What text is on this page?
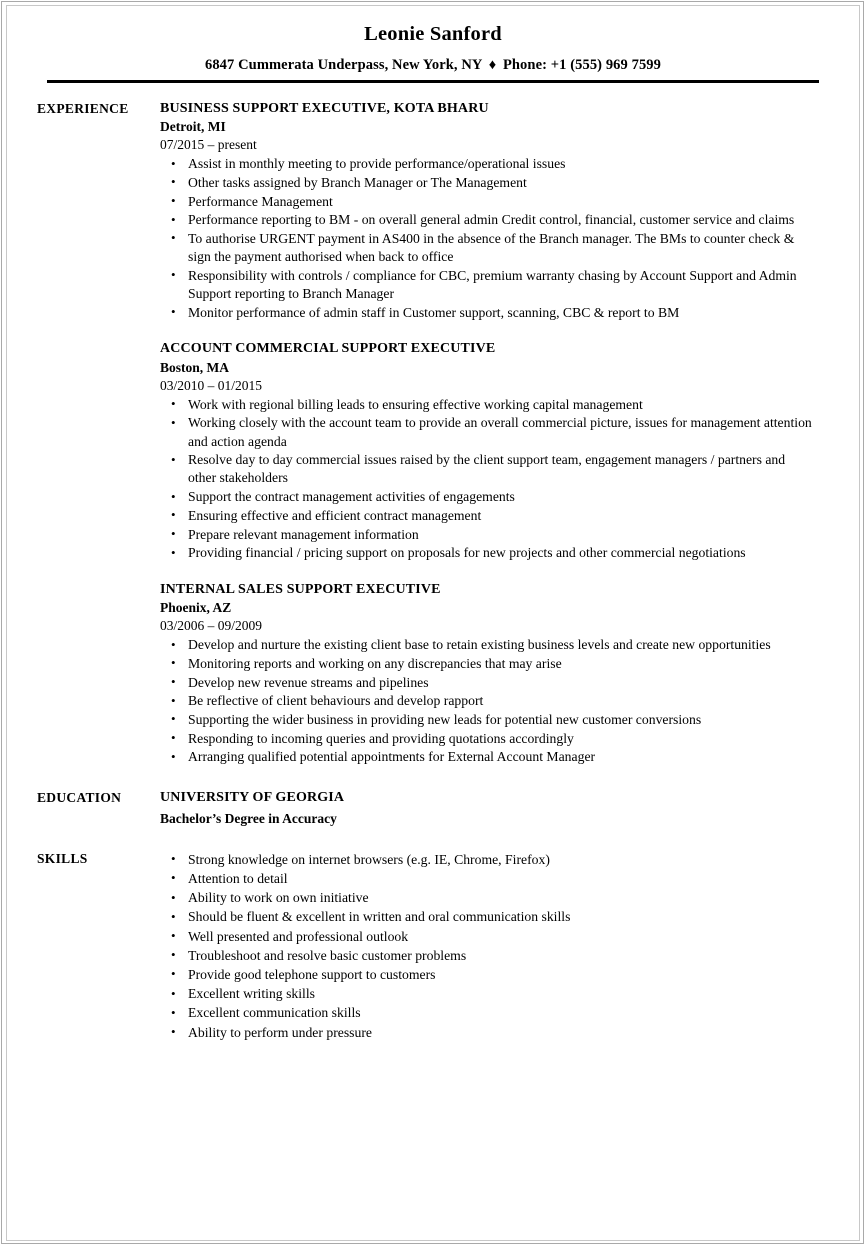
Leonie Sanford
6847 Cummerata Underpass, New York, NY ♦ Phone: +1 (555) 969 7599
EXPERIENCE	BUSINESS SUPPORT EXECUTIVE, KOTA BHARU
Detroit, MI
07/2015 – present
• Assist in monthly meeting to provide performance/operational issues
• Other tasks assigned by Branch Manager or The Management
• Performance Management
• Performance reporting to BM - on overall general admin Credit control, financial, customer service and claims
• To authorise URGENT payment in AS400 in the absence of the Branch manager. The BMs to counter check & sign the payment authorised when back to office
• Responsibility with controls / compliance for CBC, premium warranty chasing by Account Support and Admin Support reporting to Branch Manager
• Monitor performance of admin staff in Customer support, scanning, CBC & report to BM
ACCOUNT COMMERCIAL SUPPORT EXECUTIVE
Boston, MA
03/2010 – 01/2015
• Work with regional billing leads to ensuring effective working capital management
• Working closely with the account team to provide an overall commercial picture, issues for management attention and action agenda
• Resolve day to day commercial issues raised by the client support team, engagement managers / partners and other stakeholders
• Support the contract management activities of engagements
• Ensuring effective and efficient contract management
• Prepare relevant management information
• Providing financial / pricing support on proposals for new projects and other commercial negotiations
INTERNAL SALES SUPPORT EXECUTIVE
Phoenix, AZ
03/2006 – 09/2009
• Develop and nurture the existing client base to retain existing business levels and create new opportunities
• Monitoring reports and working on any discrepancies that may arise
• Develop new revenue streams and pipelines
• Be reflective of client behaviours and develop rapport
• Supporting the wider business in providing new leads for potential new customer conversions
• Responding to incoming queries and providing quotations accordingly
• Arranging qualified potential appointments for External Account Manager
EDUCATION	UNIVERSITY OF GEORGIA
Bachelor’s Degree in Accuracy
SKILLS	• Strong knowledge on internet browsers (e.g. IE, Chrome, Firefox)
• Attention to detail
• Ability to work on own initiative
• Should be fluent & excellent in written and oral communication skills
• Well presented and professional outlook
• Troubleshoot and resolve basic customer problems
• Provide good telephone support to customers
• Excellent writing skills
• Excellent communication skills
• Ability to perform under pressure
